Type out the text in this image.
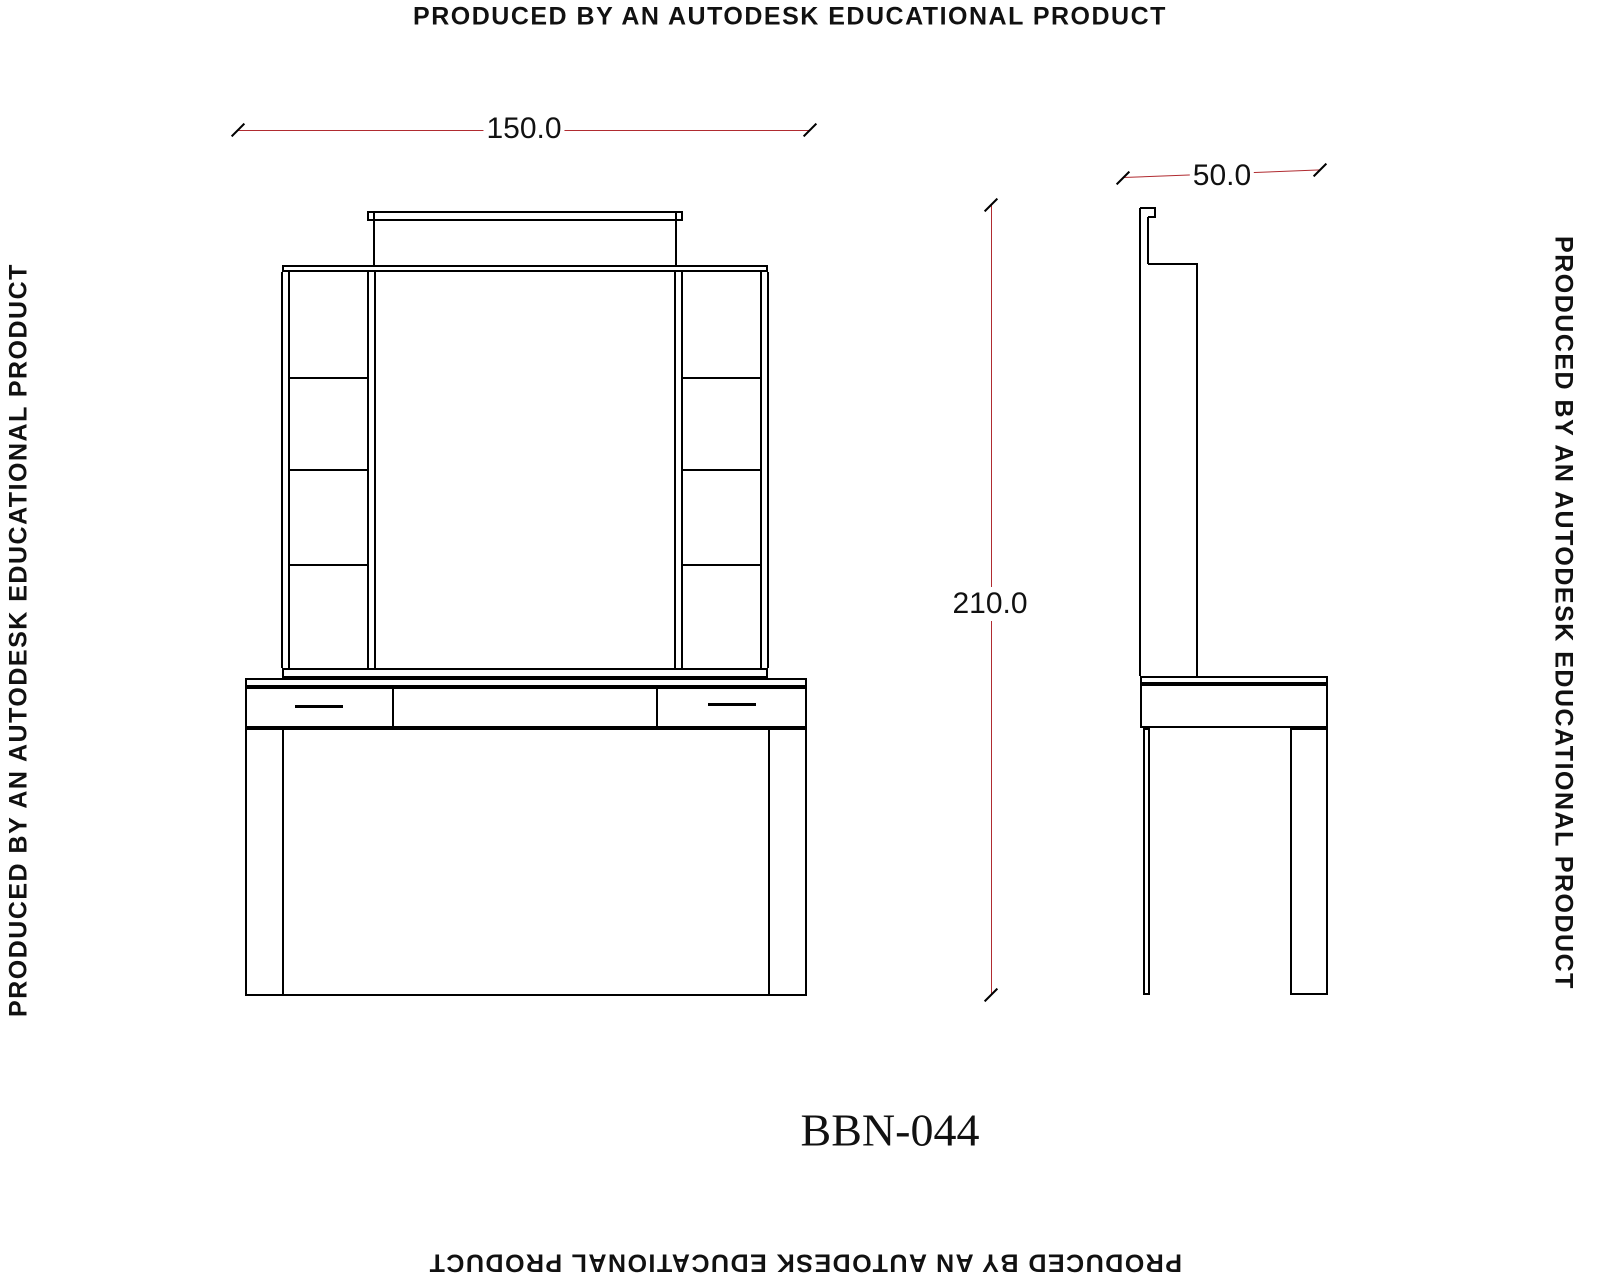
PRODUCED BY AN AUTODESK EDUCATIONAL PRODUCT
PRODUCED BY AN AUTODESK EDUCATIONAL PRODUCT	PRODUCED BY AN AUTODESK EDUCATIONAL PRODUCT
PRODUCED BY AN AUTODESK EDUCATIONAL PRODUCT
150.0
50.0
210.0
BBN-044
